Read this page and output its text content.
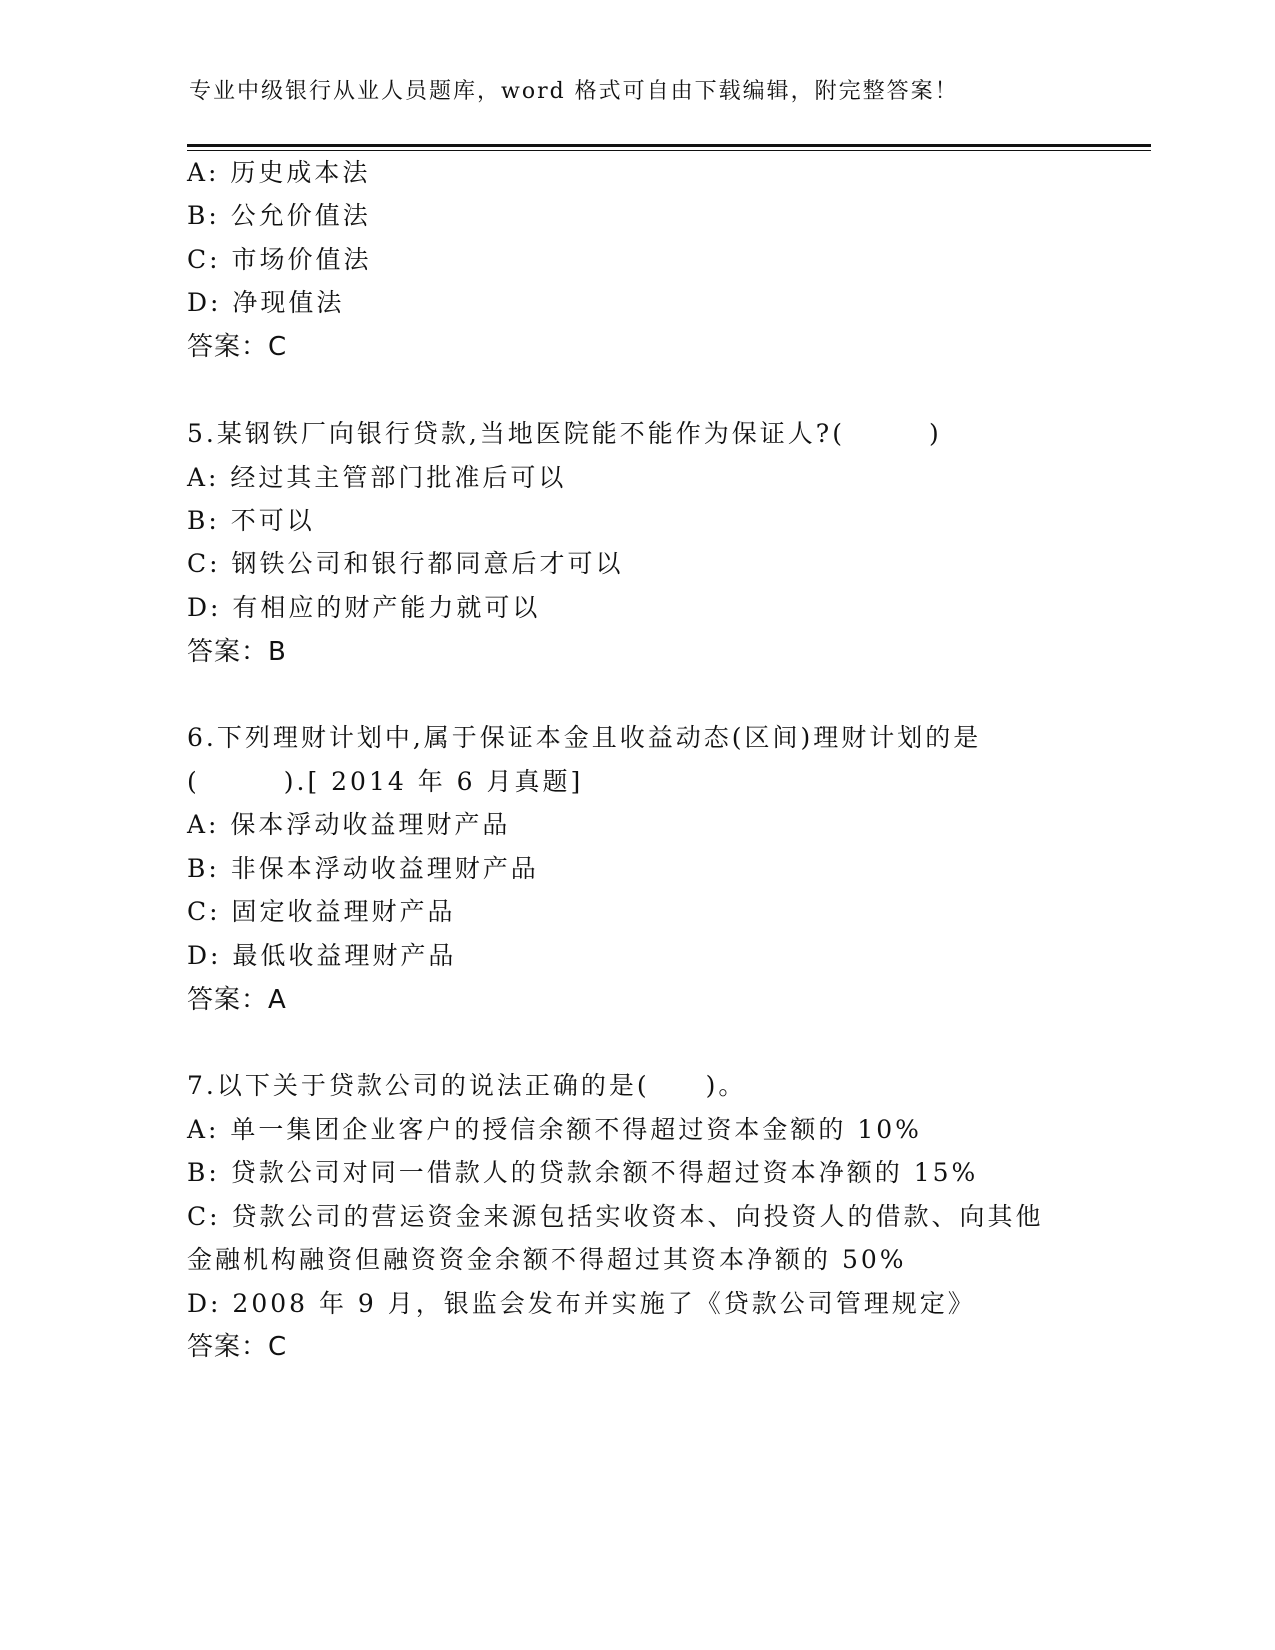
专业中级银行从业人员题库，word 格式可自由下载编辑，附完整答案！
A: 历史成本法
B: 公允价值法
C: 市场价值法
D: 净现值法
答案：C
5.某钢铁厂向银行贷款,当地医院能不能作为保证人?(　　　)
A: 经过其主管部门批准后可以
B: 不可以
C: 钢铁公司和银行都同意后才可以
D: 有相应的财产能力就可以
答案：B
6.下列理财计划中,属于保证本金且收益动态(区间)理财计划的是
(　　　).[ 2014 年 6 月真题]
A: 保本浮动收益理财产品
B: 非保本浮动收益理财产品
C: 固定收益理财产品
D: 最低收益理财产品
答案：A
7.以下关于贷款公司的说法正确的是(　　)。
A: 单一集团企业客户的授信余额不得超过资本金额的 10%
B: 贷款公司对同一借款人的贷款余额不得超过资本净额的 15%
C: 贷款公司的营运资金来源包括实收资本、向投资人的借款、向其他
金融机构融资但融资资金余额不得超过其资本净额的 50%
D: 2008 年 9 月，银监会发布并实施了《贷款公司管理规定》
答案：C
